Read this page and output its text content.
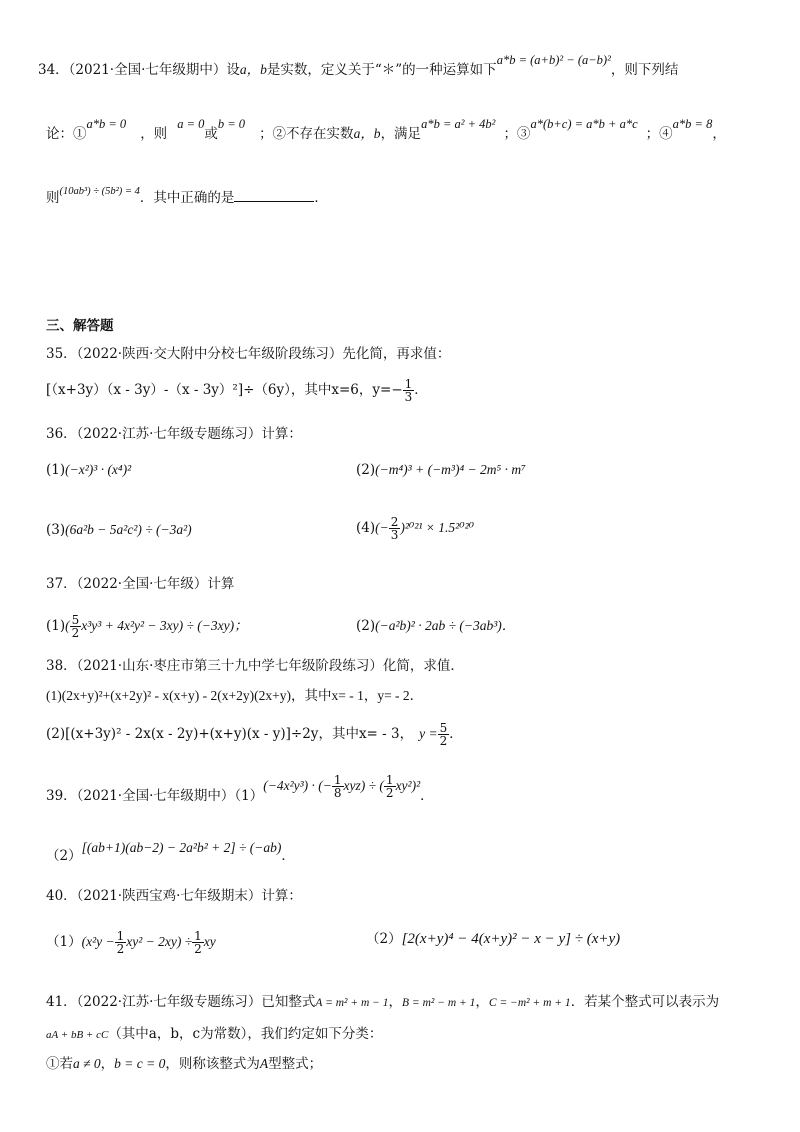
34．（2021·全国·七年级期中）设a，b是实数，定义关于“＊”的一种运算如下a*b = (a+b)² − (a−b)²，则下列结
论：①a*b = 0，则a = 0或b = 0；②不存在实数a，b，满足a*b = a² + 4b²；③a*(b+c) = a*b + a*c；④a*b = 8，
则$^{(10ab^3) \div (5b^2) = 4}$．其中正确的是	．
三、解答题
35．（2022·陕西·交大附中分校七年级阶段练习）先化简，再求值：
[（x+3y）（x - 3y）-（x - 3y）²]÷（6y），其中x=6，$y=- \frac{1}{3}$ ．
36．（2022·江苏·七年级专题练习）计算：
(1)(−x²)³ · (x⁴)²	(2)(−m⁴)³ + (−m³)⁴ − 2m⁵ · m⁷
(3)(6a²b − 5a²c²) ÷ (−3a²)	$(4)(- \frac{2}{3} )^{2021} \times 1.5^{2020}$
37．（2022·全国·七年级）计算
$(1)( \frac{5}{2} x^3y^3 + 4x^2y^2 - 3xy) \div (-3xy)$；	(2)(−a²b)² · 2ab ÷ (−3ab³)．
38．（2021·山东·枣庄市第三十九中学七年级阶段练习）化简，求值．
(1)(2x+y)²+(x+2y)² - x(x+y) - 2(x+2y)(2x+y)，其中x= - 1，y= - 2．
(2)[(x+3y)² - 2x(x - 2y)+(x+y)(x - y)]÷2y，其中x= - 3， $y = \frac{5}{2}$ ．
39．（2021·全国·七年级期中）（1）(−4x²y³) · (− $\frac{1}{8} xyz$) ÷ ( $\frac{1}{2} xy^2)^2$．
（2）[(ab+1)(ab−2) − 2a²b² + 2] ÷ (−ab)．
40．（2021·陕西宝鸡·七年级期末）计算：
$(1)(x^2y - \frac{1}{2} xy^2 - 2xy) \div \frac{1}{2}$ xy	（2）[2(x+y)⁴ − 4(x+y)² − x − y] ÷ (x+y)
41．（2022·江苏·七年级专题练习）已知整式A = m² + m − 1，B = m² − m + 1，C = −m² + m + 1．若某个整式可以表示为
aA + bB + cC（其中a，b，c为常数），我们约定如下分类：
①若a ≠ 0，b = c = 0，则称该整式为A型整式；
